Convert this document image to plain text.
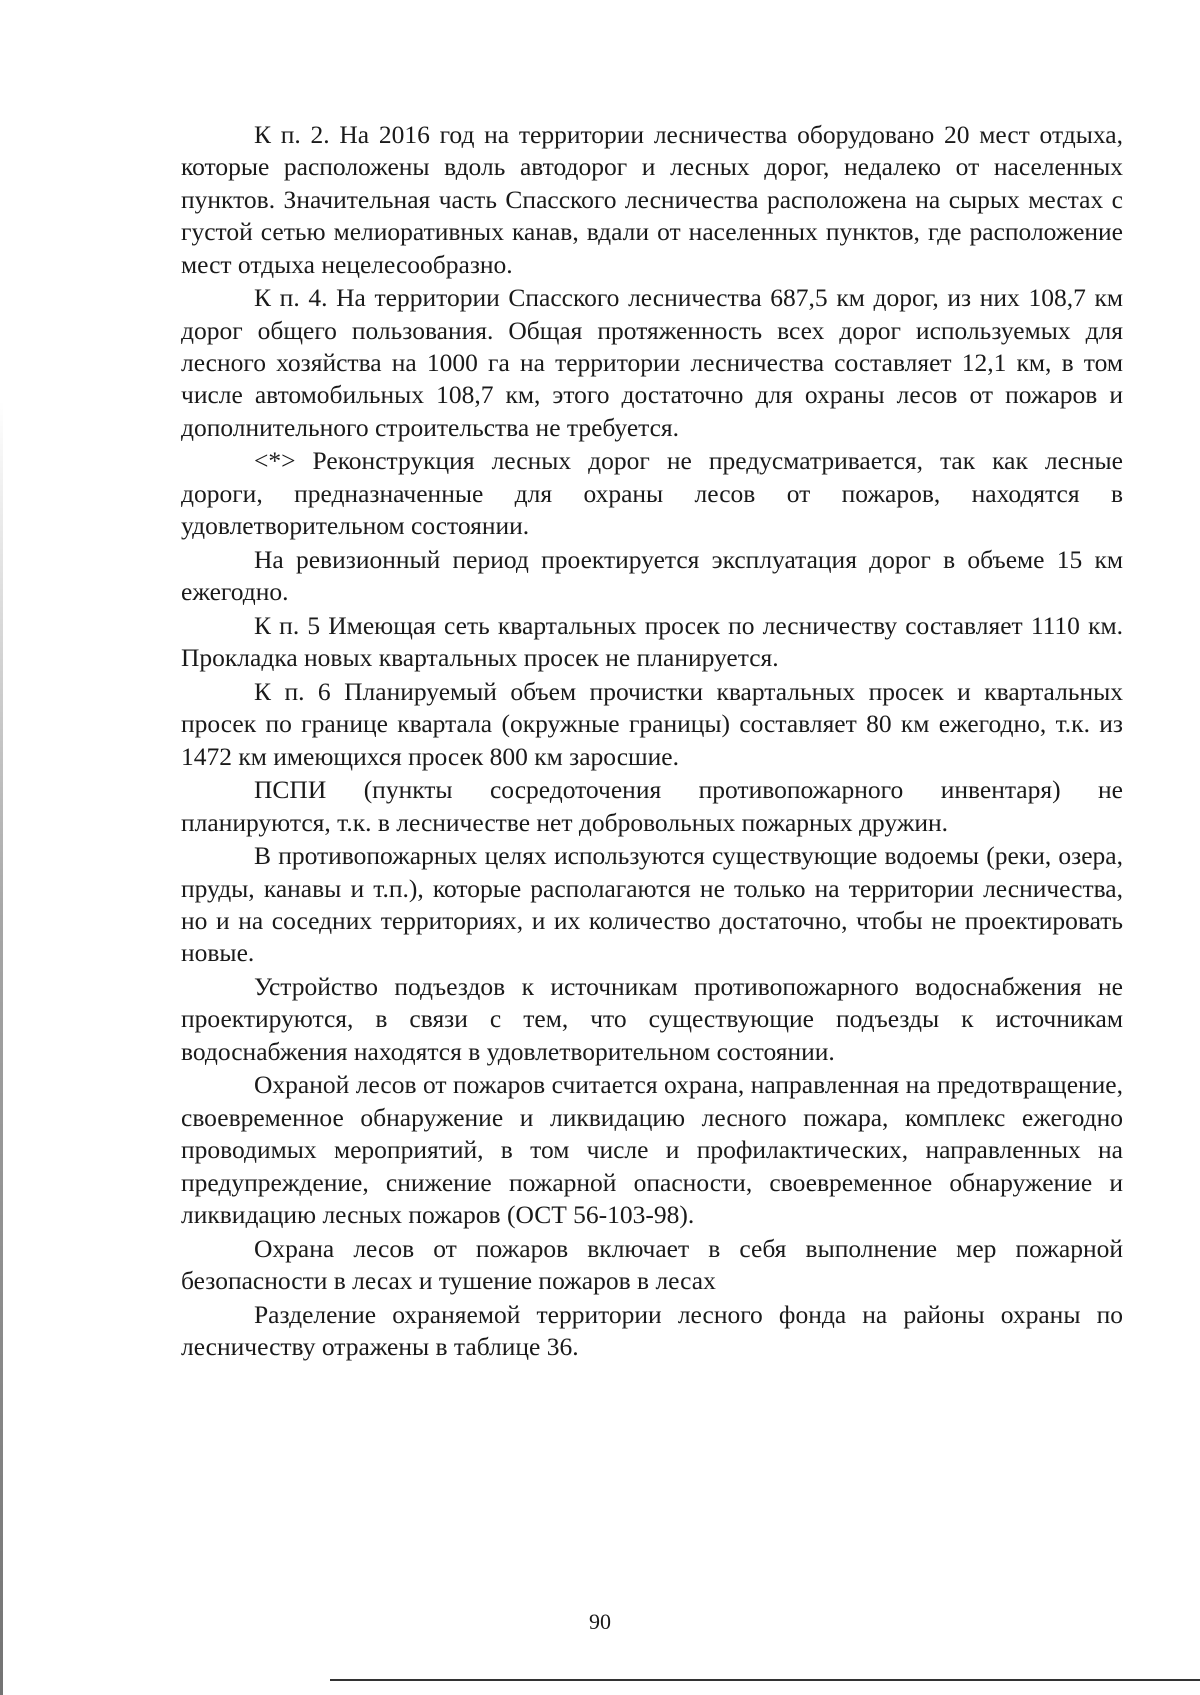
К п. 2. На 2016 год на территории лесничества оборудовано 20 мест отдыха, которые расположены вдоль автодорог и лесных дорог, недалеко от населенных пунктов. Значительная часть Спасского лесничества расположена на сырых местах с густой сетью мелиоративных канав, вдали от населенных пунктов, где расположение мест отдыха нецелесообразно.

К п. 4. На территории Спасского лесничества 687,5 км дорог, из них 108,7 км дорог общего пользования. Общая протяженность всех дорог используемых для лесного хозяйства на 1000 га на территории лесничества составляет 12,1 км, в том числе автомобильных 108,7 км, этого достаточно для охраны лесов от пожаров и дополнительного строительства не требуется.

<*> Реконструкция лесных дорог не предусматривается, так как лесные дороги, предназначенные для охраны лесов от пожаров, находятся в удовлетворительном состоянии.

На ревизионный период проектируется эксплуатация дорог в объеме 15 км ежегодно.

К п. 5 Имеющая сеть квартальных просек по лесничеству составляет 1110 км. Прокладка новых квартальных просек не планируется.

К п. 6 Планируемый объем прочистки квартальных просек и квартальных просек по границе квартала (окружные границы) составляет 80 км ежегодно, т.к. из 1472 км имеющихся просек 800 км заросшие.

ПСПИ (пункты сосредоточения противопожарного инвентаря) не планируются, т.к. в лесничестве нет добровольных пожарных дружин.

В противопожарных целях используются существующие водоемы (реки, озера, пруды, канавы и т.п.), которые располагаются не только на территории лесничества, но и на соседних территориях, и их количество достаточно, чтобы не проектировать новые.

Устройство подъездов к источникам противопожарного водоснабжения не проектируются, в связи с тем, что существующие подъезды к источникам водоснабжения находятся в удовлетворительном состоянии.

Охраной лесов от пожаров считается охрана, направленная на предотвращение, своевременное обнаружение и ликвидацию лесного пожара, комплекс ежегодно проводимых мероприятий, в том числе и профилактических, направленных на предупреждение, снижение пожарной опасности, своевременное обнаружение и ликвидацию лесных пожаров (ОСТ 56-103-98).

Охрана лесов от пожаров включает в себя выполнение мер пожарной безопасности в лесах и тушение пожаров в лесах

Разделение охраняемой территории лесного фонда на районы охраны по лесничеству отражены в таблице 36.

90
